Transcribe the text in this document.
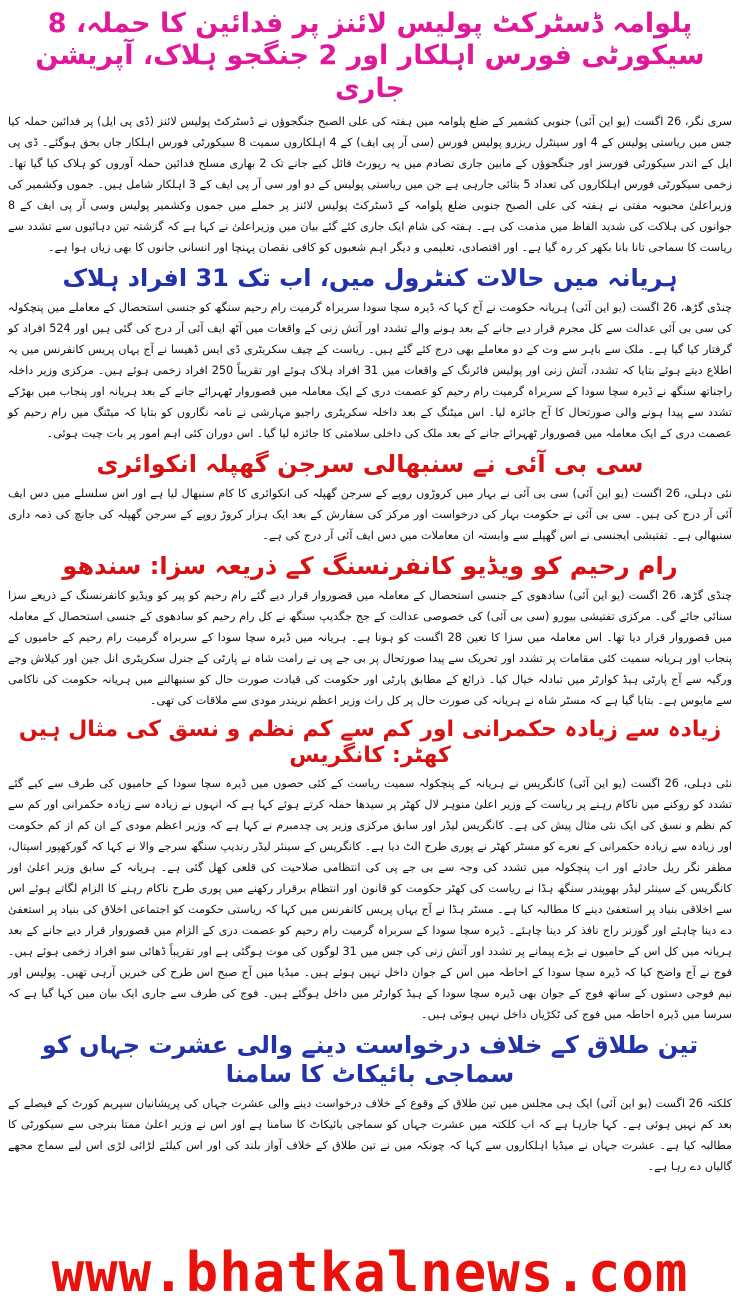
پلوامہ ڈسٹرکٹ پولیس لائنز پر فدائین کا حملہ، 8 سیکورٹی فورس اہلکار اور 2 جنگجو ہلاک، آپریشن جاری

سری نگر، 26 اگست (یو این آئی) جنوبی کشمیر کے ضلع پلوامہ میں ہفتہ کی علی الصبح جنگجوؤں نے ڈسٹرکٹ پولیس لائنز (ڈی پی ایل) پر فدائین حملہ کیا جس میں ریاستی پولیس کے 4 اور سینٹرل ریزرو پولیس فورس (سی آر پی ایف) کے 4 اہلکاروں سمیت 8 سیکورٹی فورس اہلکار جاں بحق ہوگئے۔ ڈی پی ایل کے اندر سیکورٹی فورسز اور جنگجوؤں کے مابین جاری تصادم میں یہ رپورٹ فائل کیے جانے تک 2 بھاری مسلح فدائین حملہ آوروں کو ہلاک کیا گیا تھا۔ زخمی سیکورٹی فورس اہلکاروں کی تعداد 5 بتائی جارہی ہے جن میں ریاستی پولیس کے دو اور سی آر پی ایف کے 3 اہلکار شامل ہیں۔ جموں وکشمیر کی وزیراعلیٰ محبوبہ مفتی نے ہفتہ کی علی الصبح جنوبی ضلع پلوامہ کے ڈسٹرکٹ پولیس لائنز پر حملے میں جموں وکشمیر پولیس وسی آر پی ایف کے 8 جوانوں کی ہلاکت کی شدید الفاظ میں مذمت کی ہے۔ ہفتہ کی شام ایک جاری کئے گئے بیان میں وزیراعلیٰ نے کہا ہے کہ گزشتہ تین دہائیوں سے تشدد سے ریاست کا سماجی تانا بانا بکھر کر رہ گیا ہے۔ اور اقتصادی، تعلیمی و دیگر اہم شعبوں کو کافی نقصان پہنچا اور انسانی جانوں کا بھی زیاں ہوا ہے۔

ہریانہ میں حالات کنٹرول میں، اب تک 31 افراد ہلاک

چنڈی گڑھ، 26 اگست (یو این آئی) ہریانہ حکومت نے آج کہا کہ ڈیرہ سچا سودا سربراہ گرمیت رام رحیم سنگھ کو جنسی استحصال کے معاملے میں پنچکولہ کی سی بی آئی عدالت سے کل مجرم قرار دیے جانے کے بعد ہونے والے تشدد اور آتش زنی کے واقعات میں آٹھ ایف آئی آر درج کی گئی ہیں اور 524 افراد کو گرفتار کیا گیا ہے۔ ملک سے باہر سے وت کے دو معاملے بھی درج کئے گئے ہیں۔ ریاست کے چیف سکریٹری ڈی ایس ڈھیسا نے آج یہاں پریس کانفرنس میں یہ اطلاع دیتے ہوئے بتایا کہ تشدد، آتش زنی اور پولیس فائرنگ کے واقعات میں 31 افراد ہلاک ہوئے اور تقریباً 250 افراد زخمی ہوئے ہیں۔ مرکزی وزیر داخلہ راجناتھ سنگھ نے ڈیرہ سچا سودا کے سربراہ گرمیت رام رحیم کو عصمت دری کے ایک معاملہ میں قصوروار ٹھہرائے جانے کے بعد ہریانہ اور پنجاب میں بھڑکے تشدد سے پیدا ہونے والی صورتحال کا آج جائزہ لیا۔ اس میٹنگ کے بعد داخلہ سکریٹری راجیو مہارشی نے نامہ نگاروں کو بتایا کہ میٹنگ میں رام رحیم کو عصمت دری کے ایک معاملہ میں قصوروار ٹھہرائے جانے کے بعد ملک کی داخلی سلامتی کا جائزہ لیا گیا۔ اس دوران کئی اہم امور پر بات چیت ہوئی۔

سی بی آئی نے سنبھالی سرجن گھپلہ انکوائری

نئی دہلی، 26 اگست (یو این آئی) سی بی آئی نے بہار میں کروڑوں روپے کے سرجن گھپلہ کی انکوائری کا کام سنبھال لیا ہے اور اس سلسلے میں دس ایف آئی آر درج کی ہیں۔ سی بی آئی نے حکومت بہار کی درخواست اور مرکز کی سفارش کے بعد ایک ہزار کروڑ روپے کے سرجن گھپلہ کی جانچ کی ذمہ داری سنبھالی ہے۔ تفتیشی ایجنسی نے اس گھپلے سے وابستہ ان معاملات میں دس ایف آئی آر درج کی ہے۔

رام رحیم کو ویڈیو کانفرنسنگ کے ذریعہ سزا: سندھو

چنڈی گڑھ، 26 اگست (یو این آئی) سادھوی کے جنسی استحصال کے معاملہ میں قصوروار قرار دیے گئے رام رحیم کو پیر کو ویڈیو کانفرنسنگ کے ذریعے سزا سنائی جائے گی۔ مرکزی تفتیشی بیورو (سی بی آئی) کی خصوصی عدالت کے جج جگدیپ سنگھ نے کل رام رحیم کو سادھوی کے جنسی استحصال کے معاملہ میں قصوروار قرار دیا تھا۔ اس معاملہ میں سزا کا تعین 28 اگست کو ہونا ہے۔ ہریانہ میں ڈیرہ سچا سودا کے سربراہ گرمیت رام رحیم کے حامیوں کے پنجاب اور ہریانہ سمیت کئی مقامات پر تشدد اور تحریک سے پیدا صورتحال پر بی جے پی نے رامت شاہ نے پارٹی کے جنرل سکریٹری انل جین اور کیلاش وجے ورگیہ سے آج پارٹی ہیڈ کوارٹر میں تبادلہ خیال کیا۔ ذرائع کے مطابق پارٹی اور حکومت کی قیادت صورت حال کو سنبھالنے میں ہریانہ حکومت کی ناکامی سے مایوس ہے۔ بتایا گیا ہے کہ مسٹر شاہ نے ہریانہ کی صورت حال پر کل رات وزیر اعظم نریندر مودی سے ملاقات کی تھی۔

زیادہ سے زیادہ حکمرانی اور کم سے کم نظم و نسق کی مثال ہیں کھٹر: کانگریس

نئی دہلی، 26 اگست (یو این آئی) کانگریس نے ہریانہ کے پنچکولہ سمیت ریاست کے کئی حصوں میں ڈیرہ سچا سودا کے حامیوں کی طرف سے کیے گئے تشدد کو روکنے میں ناکام رہنے پر ریاست کے وزیر اعلیٰ منوہر لال کھٹر پر سیدھا حملہ کرتے ہوئے کہا ہے کہ انہوں نے زیادہ سے زیادہ حکمرانی اور کم سے کم نظم و نسق کی ایک نئی مثال پیش کی ہے۔ کانگریس لیڈر اور سابق مرکزی وزیر پی چدمبرم نے کہا ہے کہ وزیر اعظم مودی کے ان کم از کم حکومت اور زیادہ سے زیادہ حکمرانی کے نعرے کو مسٹر کھٹر نے پوری طرح الٹ دیا ہے۔ کانگریس کے سینئر لیڈر رندیپ سنگھ سرجے والا نے کہا کہ گورکھپور اسپتال، مظفر نگر ریل حادثے اور اب پنچکولہ میں تشدد کی وجہ سے بی جے پی کی انتظامی صلاحیت کی قلعی کھل گئی ہے۔ ہریانہ کے سابق وزیر اعلیٰ اور کانگریس کے سینئر لیڈر بھوپندر سنگھ ہڈا نے ریاست کی کھٹر حکومت کو قانون اور انتظام برقرار رکھنے میں پوری طرح ناکام رہنے کا الزام لگاتے ہوئے اس سے اخلاقی بنیاد پر استعفیٰ دینے کا مطالبہ کیا ہے۔ مسٹر ہڈا نے آج یہاں پریس کانفرنس میں کہا کہ ریاستی حکومت کو اجتماعی اخلاق کی بنیاد پر استعفیٰ دے دینا چاہئے اور گورنر راج نافذ کر دینا چاہئے۔ ڈیرہ سچا سودا کے سربراہ گرمیت رام رحیم کو عصمت دری کے الزام میں قصوروار قرار دیے جانے کے بعد ہریانہ میں کل اس کے حامیوں نے بڑے پیمانے پر تشدد اور آتش زنی کی جس میں 31 لوگوں کی موت ہوگئی ہے اور تقریباً ڈھائی سو افراد زخمی ہوئے ہیں۔ فوج نے آج واضح کیا کہ ڈیرہ سچا سودا کے احاطہ میں اس کے جوان داخل نہیں ہوئے ہیں۔ میڈیا میں آج صبح اس طرح کی خبریں آرہی تھیں۔ پولیس اور نیم فوجی دستوں کے ساتھ فوج کے جوان بھی ڈیرہ سچا سودا کے ہیڈ کوارٹر میں داخل ہوگئے ہیں۔ فوج کی طرف سے جاری ایک بیان میں کہا گیا ہے کہ سرسا میں ڈیرہ احاطہ میں فوج کی ٹکڑیاں داخل نہیں ہوئی ہیں۔

تین طلاق کے خلاف درخواست دینے والی عشرت جہاں کو سماجی بائیکاٹ کا سامنا

کلکتہ 26 اگست (یو این آئی) ایک ہی مجلس میں تین طلاق کے وقوع کے خلاف درخواست دینے والی عشرت جہاں کی پریشانیاں سپریم کورٹ کے فیصلے کے بعد کم نہیں ہوئی ہے۔ کہا جارہا ہے کہ اب کلکتہ میں عشرت جہاں کو سماجی بائیکاٹ کا سامنا ہے اور اس نے وزیر اعلیٰ ممتا بنرجی سے سیکورٹی کا مطالبہ کیا ہے۔ عشرت جہاں نے میڈیا اہلکاروں سے کہا کہ چونکہ میں نے تین طلاق کے خلاف آواز بلند کی اور اس کیلئے لڑائی لڑی اس لیے سماج مجھے گالیاں دے رہا ہے۔

www.bhatkalnews.com
